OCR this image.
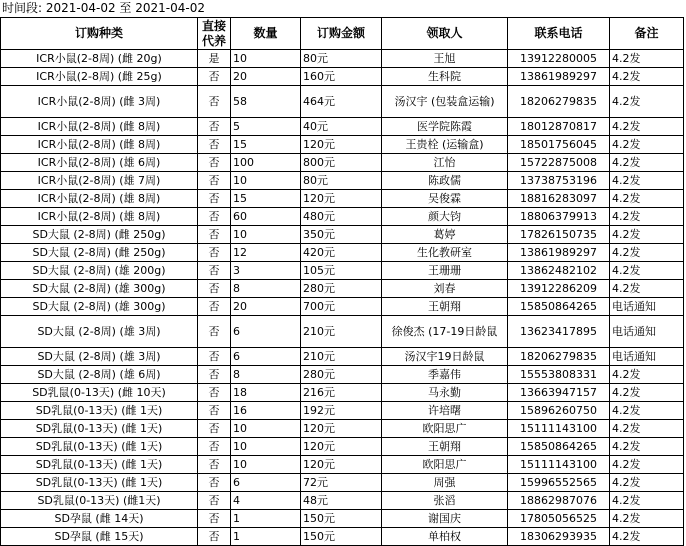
时间段: 2021-04-02 至 2021-04-02
订购种类	直接代养	数量	订购金额	领取人	联系电话	备注
ICR小鼠(2-8周) (雌 20g)	是	10	80元	王旭	13912280005	4.2发
ICR小鼠(2-8周) (雌 25g)	否	20	160元	生科院	13861989297	4.2发
ICR小鼠(2-8周) (雌 3周)	否	58	464元	汤汉宇 (包装盒运输)	18206279835	4.2发
ICR小鼠(2-8周) (雌 8周)	否	5	40元	医学院陈霞	18012870817	4.2发
ICR小鼠(2-8周) (雌 8周)	否	15	120元	王贵栓 (运输盒)	18501756045	4.2发
ICR小鼠(2-8周) (雄 6周)	否	100	800元	江怡	15722875008	4.2发
ICR小鼠(2-8周) (雄 7周)	否	10	80元	陈政儒	13738753196	4.2发
ICR小鼠(2-8周) (雄 8周)	否	15	120元	吴俊霖	18816283097	4.2发
ICR小鼠(2-8周) (雄 8周)	否	60	480元	颜大钧	18806379913	4.2发
SD大鼠 (2-8周) (雌 250g)	否	10	350元	葛婷	17826150735	4.2发
SD大鼠 (2-8周) (雌 250g)	否	12	420元	生化教研室	13861989297	4.2发
SD大鼠 (2-8周) (雄 200g)	否	3	105元	王珊珊	13862482102	4.2发
SD大鼠 (2-8周) (雄 300g)	否	8	280元	刘春	13912286209	4.2发
SD大鼠 (2-8周) (雄 300g)	否	20	700元	王朝翔	15850864265	电话通知
SD大鼠 (2-8周) (雄 3周)	否	6	210元	徐俊杰 (17-19日龄鼠	13623417895	电话通知
SD大鼠 (2-8周) (雄 3周)	否	6	210元	汤汉宇19日龄鼠	18206279835	电话通知
SD大鼠 (2-8周) (雄 6周)	否	8	280元	季嘉伟	15553808331	4.2发
SD乳鼠(0-13天) (雌 10天)	否	18	216元	马永勤	13663947157	4.2发
SD乳鼠(0-13天) (雌 1天)	否	16	192元	许培曙	15896260750	4.2发
SD乳鼠(0-13天) (雌 1天)	否	10	120元	欧阳思广	15111143100	4.2发
SD乳鼠(0-13天) (雌 1天)	否	10	120元	王朝翔	15850864265	4.2发
SD乳鼠(0-13天) (雌 1天)	否	10	120元	欧阳思广	15111143100	4.2发
SD乳鼠(0-13天) (雌 1天)	否	6	72元	周强	15996552565	4.2发
SD乳鼠(0-13天) (雌1天)	否	4	48元	张滔	18862987076	4.2发
SD孕鼠 (雌 14天)	否	1	150元	谢国庆	17805056525	4.2发
SD孕鼠 (雌 15天)	否	1	150元	单柏权	18306293935	4.2发
